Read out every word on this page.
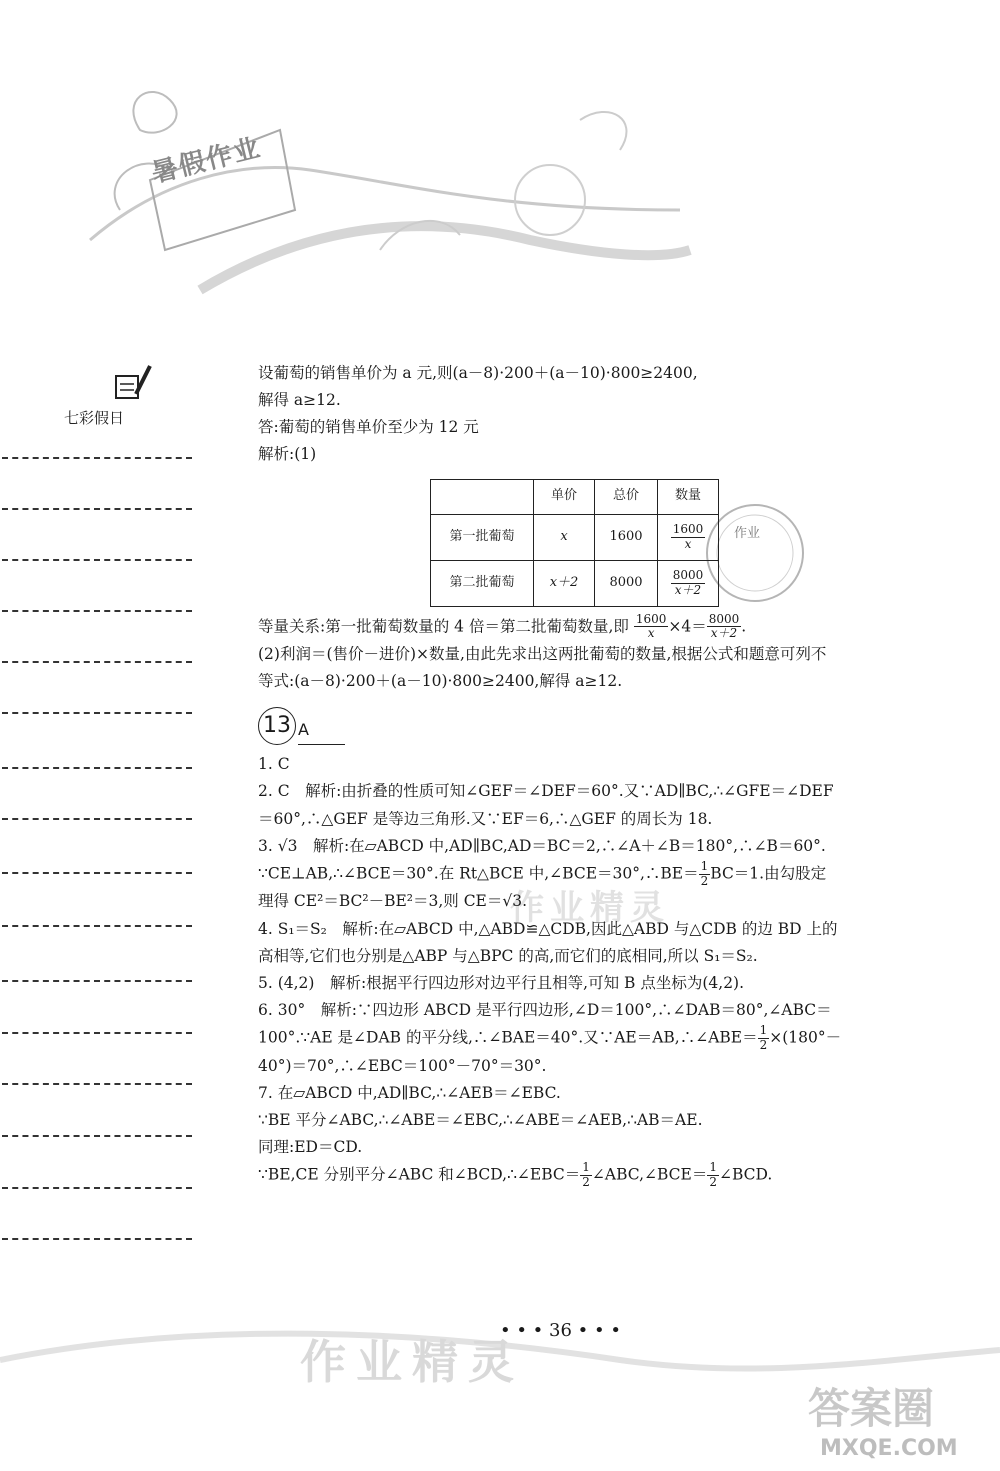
暑假作业
七彩假日
作业
作业精灵
设葡萄的销售单价为 a 元,则(a－8)·200＋(a－10)·800≥2400,
解得 a≥12.
答:葡萄的销售单价至少为 12 元
解析:(1)
	单价	总价	数量
第一批葡萄	x	1600	$\frac{1600}{x}$

第二批葡萄	x＋2	8000	$\frac{8000}{x+2}$
等量关系:第一批葡萄数量的 4 倍＝第二批葡萄数量,即 $\frac{1600}{x} \times 4= \frac{8000}{x+2}$ .
(2)利润＝(售价－进价)×数量,由此先求出这两批葡萄的数量,根据公式和题意可列不
等式:(a－8)·200＋(a－10)·800≥2400,解得 a≥12.
13 A
1. C
2. C　解析:由折叠的性质可知∠GEF＝∠DEF＝60°.又∵AD∥BC,∴∠GFE＝∠DEF
＝60°,∴△GEF 是等边三角形.又∵EF＝6,∴△GEF 的周长为 18.
3. √3　解析:在▱ABCD 中,AD∥BC,AD＝BC＝2,∴∠A＋∠B＝180°,∴∠B＝60°.
∵CE⊥AB,∴∠BCE＝30°.在 Rt△BCE 中,∠BCE＝30°,∴BE＝ $\frac{1}{2} BC=1$.由勾股定
理得 CE²＝BC²－BE²＝3,则 CE＝√3.
4. S₁＝S₂　解析:在▱ABCD 中,△ABD≌△CDB,因此△ABD 与△CDB 的边 BD 上的
高相等,它们也分别是△ABP 与△BPC 的高,而它们的底相同,所以 S₁＝S₂.
5. (4,2)　解析:根据平行四边形对边平行且相等,可知 B 点坐标为(4,2).
6. 30°　解析:∵四边形 ABCD 是平行四边形,∠D＝100°,∴∠DAB＝80°,∠ABC＝
100°.∵AE 是∠DAB 的平分线,∴∠BAE＝40°.又∵AE＝AB,∴∠ABE＝ $\frac{1}{2} \times(180^\circ-$
40°)＝70°,∴∠EBC＝100°－70°＝30°.
7. 在▱ABCD 中,AD∥BC,∴∠AEB＝∠EBC.
∵BE 平分∠ABC,∴∠ABE＝∠EBC,∴∠ABE＝∠AEB,∴AB＝AE.
同理:ED＝CD.
∵BE,CE 分别平分∠ABC 和∠BCD,∴∠EBC＝ $\frac{1}{2}$ ∠ABC,∠BCE＝ $\frac{1}{2}$ ∠BCD.
作业精灵
• • • 36 • • •
答案圈
MXQE.COM
